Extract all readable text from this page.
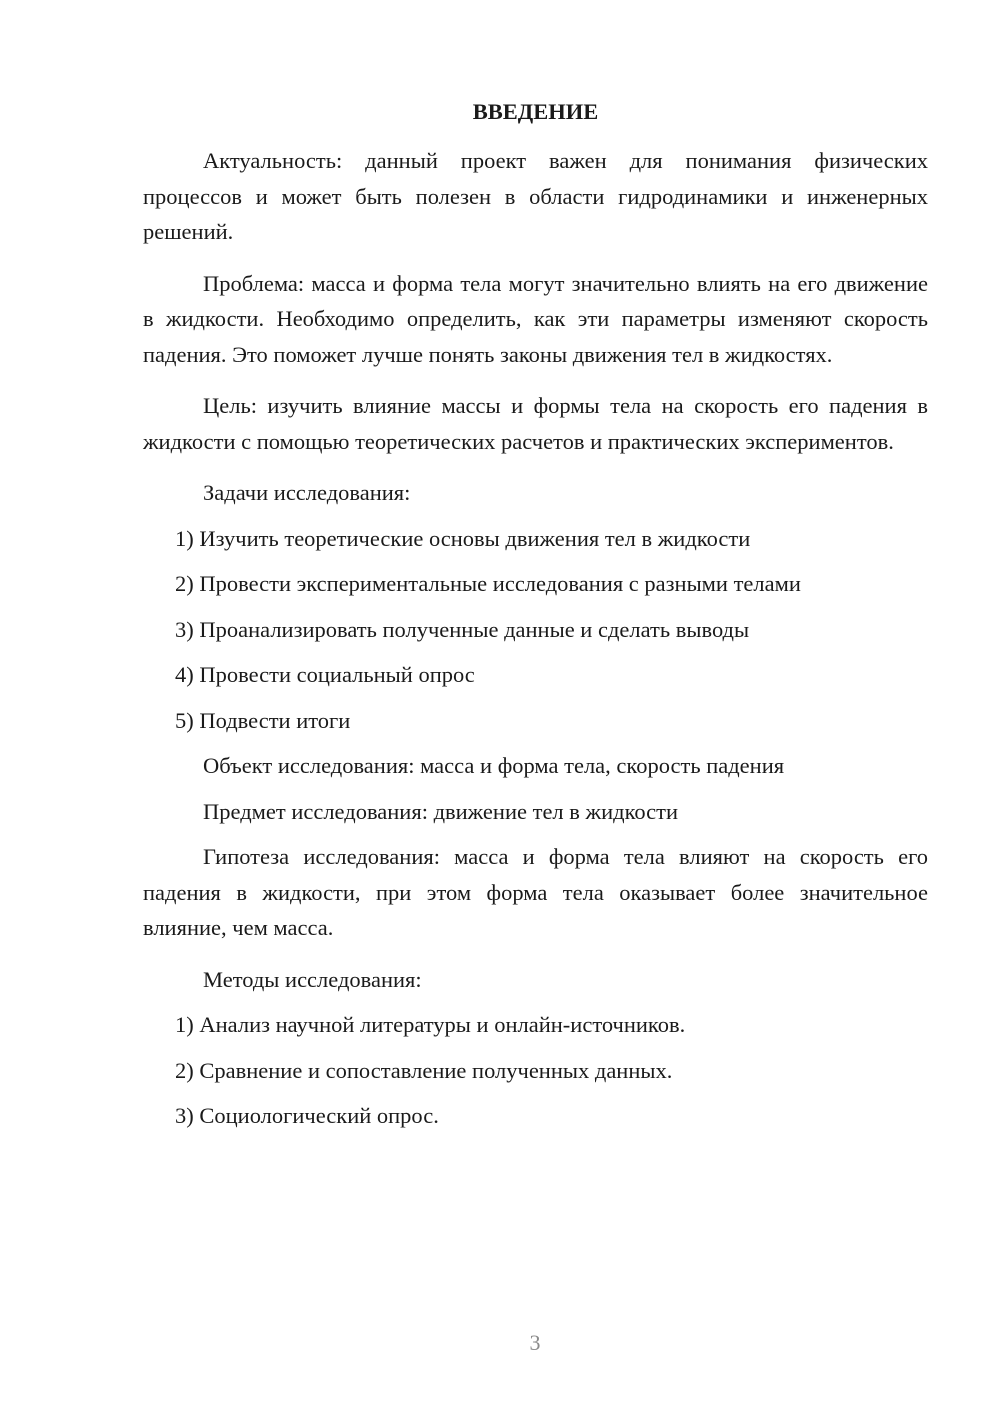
ВВЕДЕНИЕ

Актуальность: данный проект важен для понимания физических процессов и может быть полезен в области гидродинамики и инженерных решений.

Проблема: масса и форма тела могут значительно влиять на его движение в жидкости. Необходимо определить, как эти параметры изменяют скорость падения. Это поможет лучше понять законы движения тел в жидкостях.

Цель: изучить влияние массы и формы тела на скорость его падения в жидкости с помощью теоретических расчетов и практических экспериментов.

Задачи исследования:

1) Изучить теоретические основы движения тел в жидкости
2) Провести экспериментальные исследования с разными телами
3) Проанализировать полученные данные и сделать выводы
4) Провести социальный опрос
5) Подвести итоги

Объект исследования: масса и форма тела, скорость падения

Предмет исследования: движение тел в жидкости

Гипотеза исследования: масса и форма тела влияют на скорость его падения в жидкости, при этом форма тела оказывает более значительное влияние, чем масса.

Методы исследования:

1) Анализ научной литературы и онлайн-источников.
2) Сравнение и сопоставление полученных данных.
3) Социологический опрос.
3
